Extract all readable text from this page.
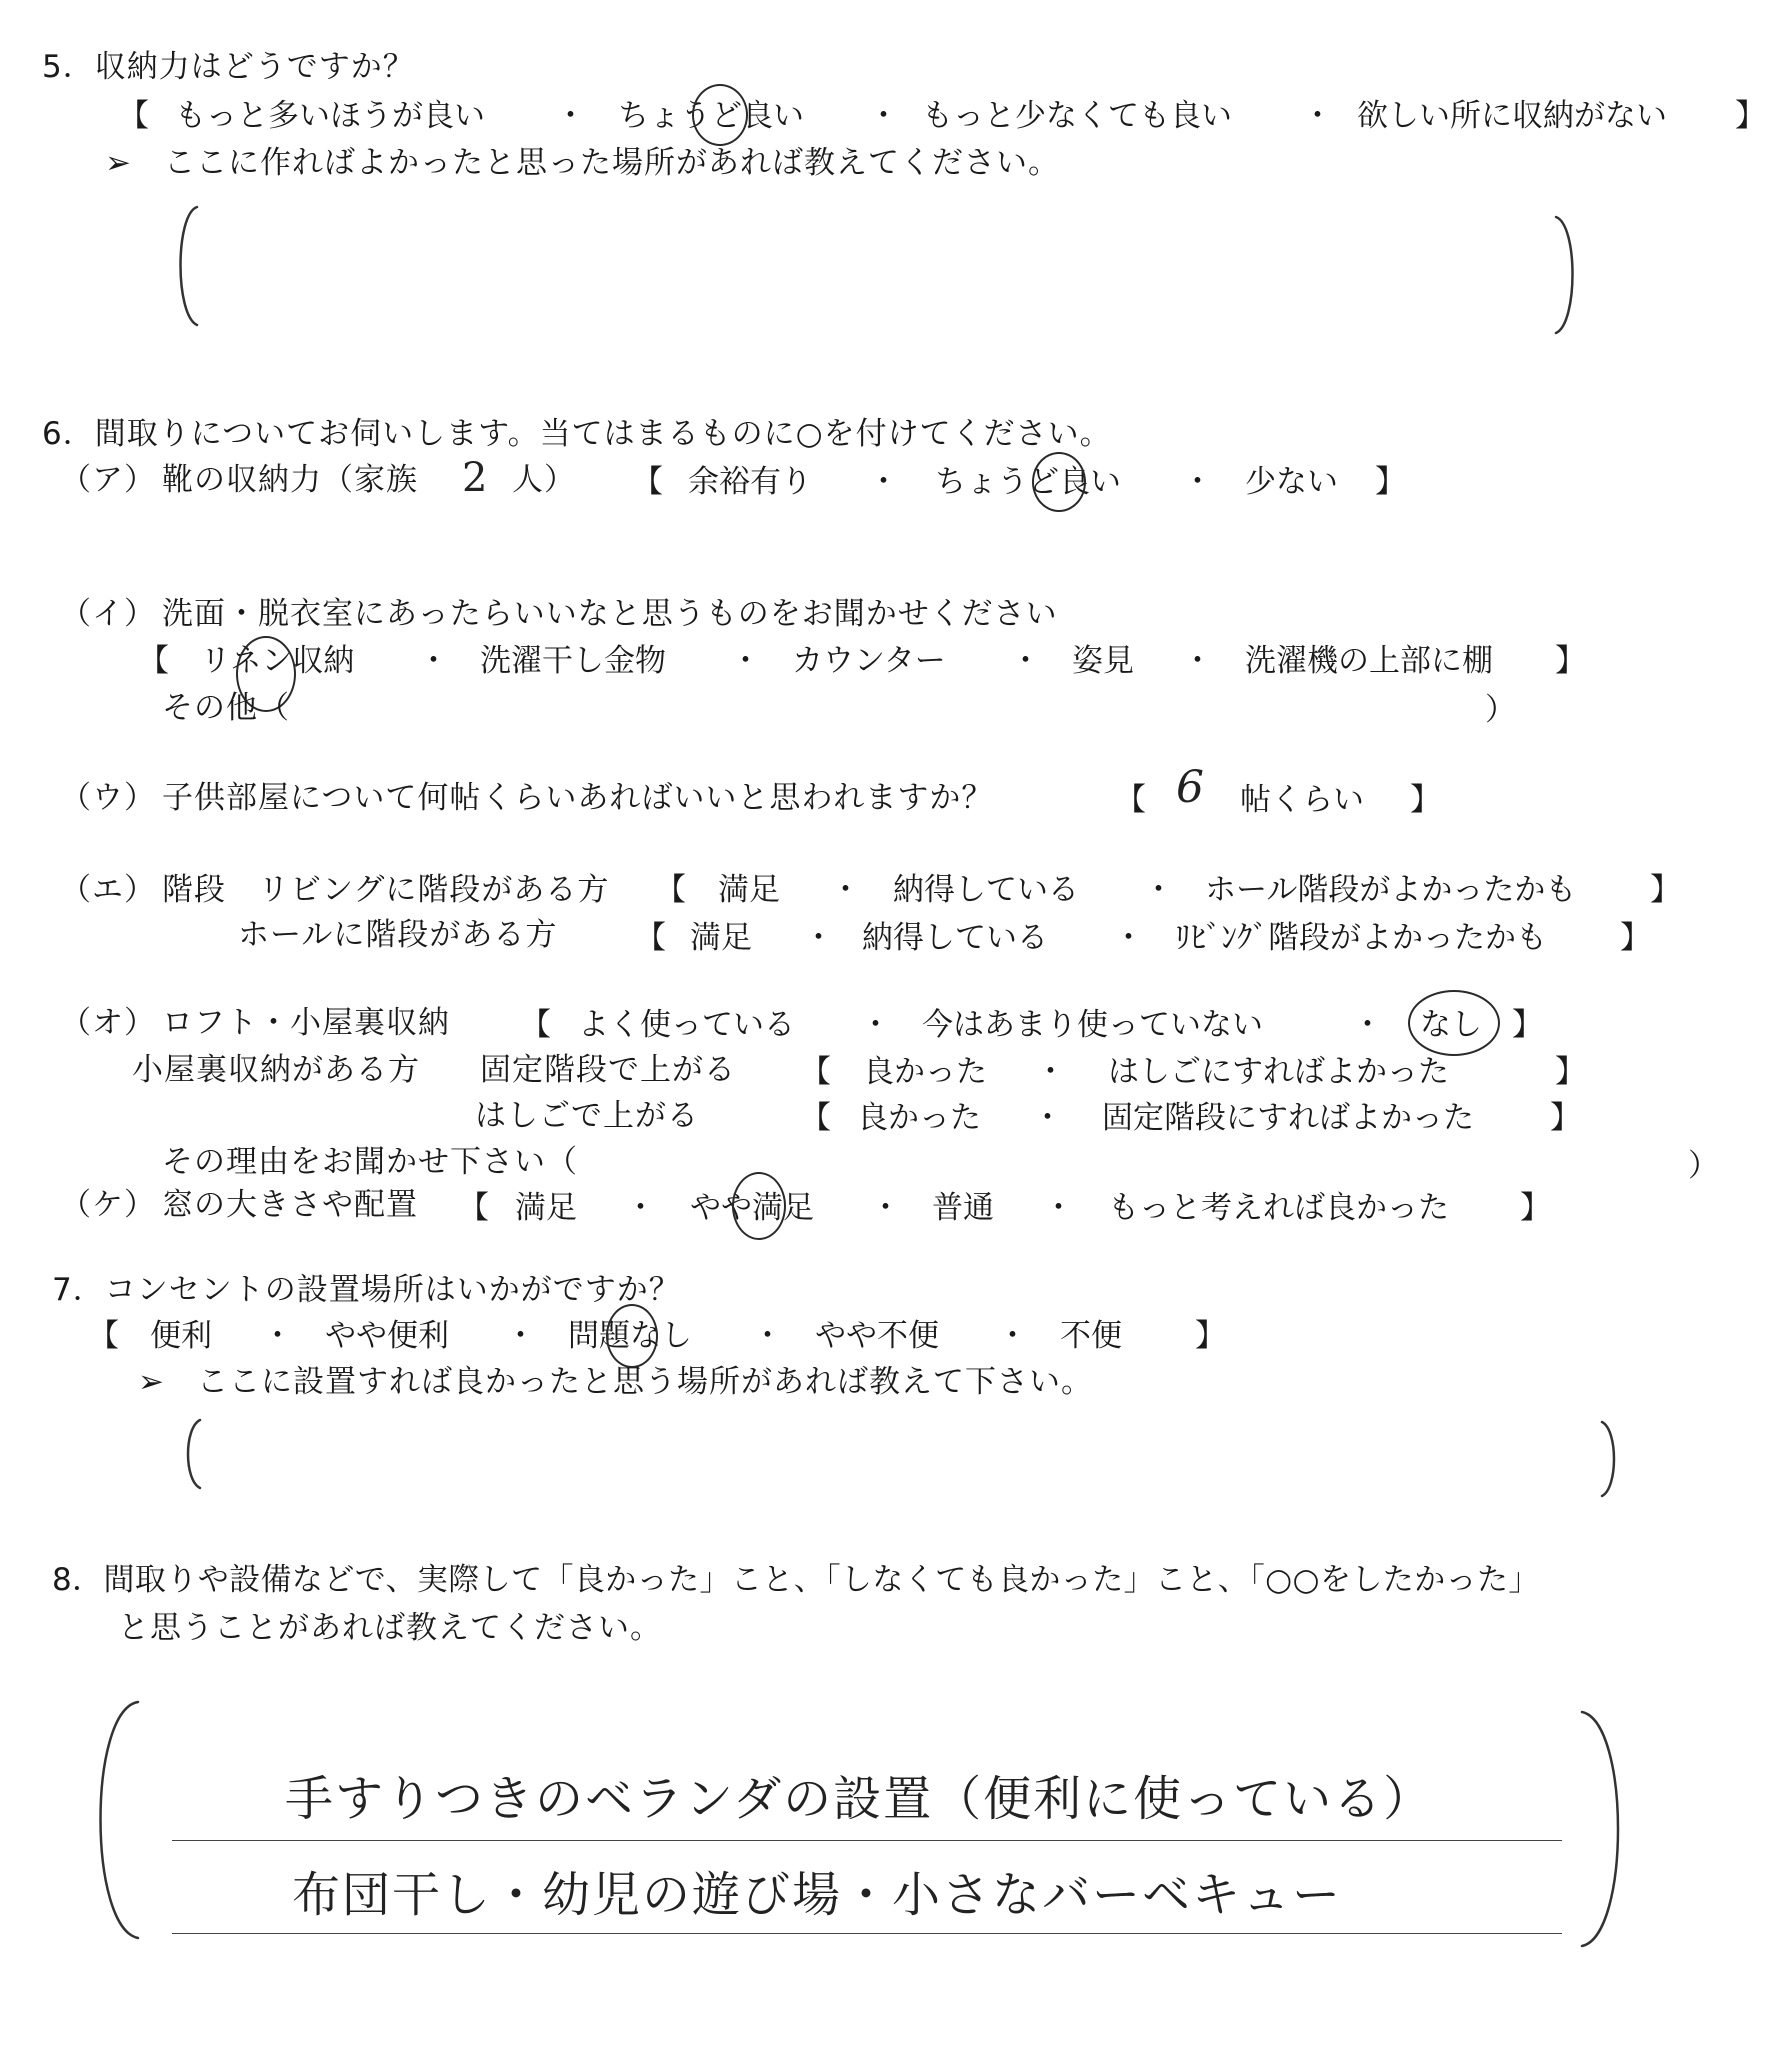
5．収納力はどうですか？
【 もっと多いほうが良い ・ ちょうど良い ・ もっと少なくても良い ・ 欲しい所に収納がない 】
➢　ここに作ればよかったと思った場所があれば教えてください。
6．間取りについてお伺いします。当てはまるものに○を付けてください。
（ア） 靴の収納力（家族 2 人） 【 余裕有り ・ ちょうど良い ・ 少ない 】
（イ） 洗面・脱衣室にあったらいいなと思うものをお聞かせください
【 リネン収納 ・ 洗濯干し金物 ・ カウンター ・ 姿見 ・ 洗濯機の上部に棚 】
その他（	）
（ウ） 子供部屋について何帖くらいあればいいと思われますか？	【 6 帖くらい 】
（エ） 階段　リビングに階段がある方 【 満足 ・ 納得している ・ ホール階段がよかったかも 】
ホールに階段がある方	【 満足 ・ 納得している ・ ﾘﾋﾞﾝｸﾞ階段がよかったかも 】
（オ） ロフト・小屋裏収納 【 よく使っている ・ 今はあまり使っていない	・ なし 】
小屋裏収納がある方 固定階段で上がる 【 良かった ・ はしごにすればよかった	】
はしごで上がる	【 良かった ・ 固定階段にすればよかった 】
その理由をお聞かせ下さい（	）
（ケ） 窓の大きさや配置 【 満足 ・ やや満足 ・ 普通 ・ もっと考えれば良かった 】
7．コンセントの設置場所はいかがですか？
【 便利 ・ やや便利 ・ 問題なし ・ やや不便 ・ 不便 】
➢　ここに設置すれば良かったと思う場所があれば教えて下さい。
8．間取りや設備などで、実際して「良かった」こと、「しなくても良かった」こと、「○○をしたかった」
と思うことがあれば教えてください。
手すりつきのベランダの設置（便利に使っている）
布団干し・幼児の遊び場・小さなバーベキュー
